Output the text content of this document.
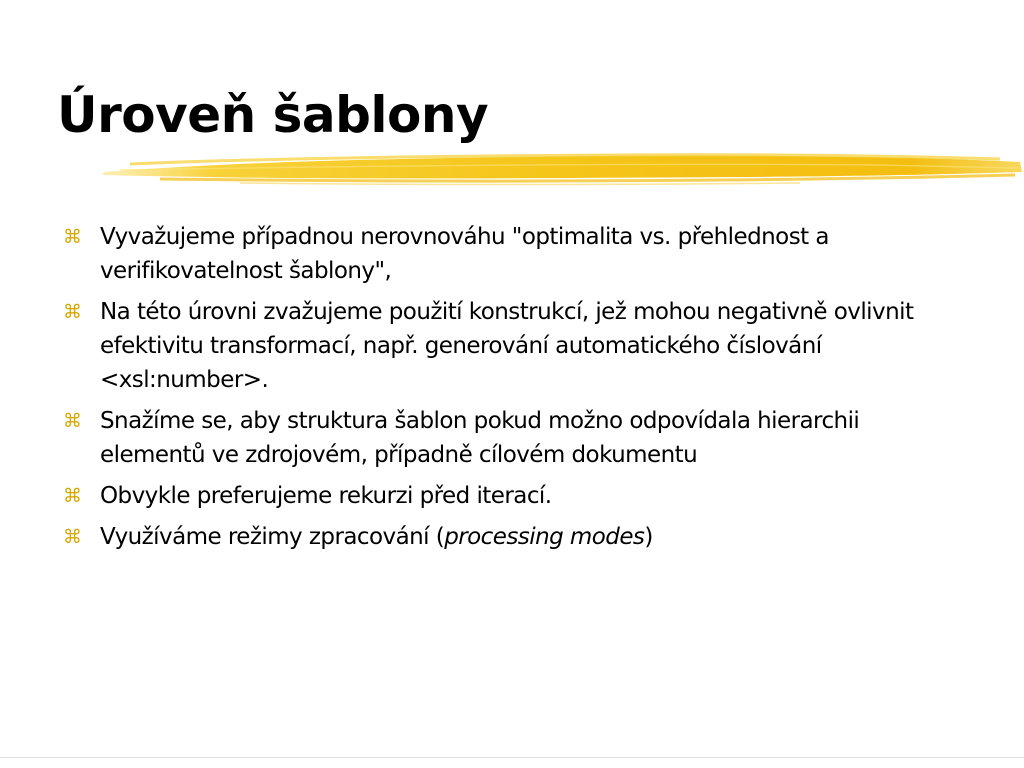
Úroveň šablony
⌘ Vyvažujeme případnou nerovnováhu "optimalita vs. přehlednost a verifikovatelnost šablony",
⌘ Na této úrovni zvažujeme použití konstrukcí, jež mohou negativně ovlivnit efektivitu transformací, např. generování automatického číslování <xsl:number>.
⌘ Snažíme se, aby struktura šablon pokud možno odpovídala hierarchii elementů ve zdrojovém, případně cílovém dokumentu
⌘ Obvykle preferujeme rekurzi před iterací.
⌘ Využíváme režimy zpracování (processing modes)
